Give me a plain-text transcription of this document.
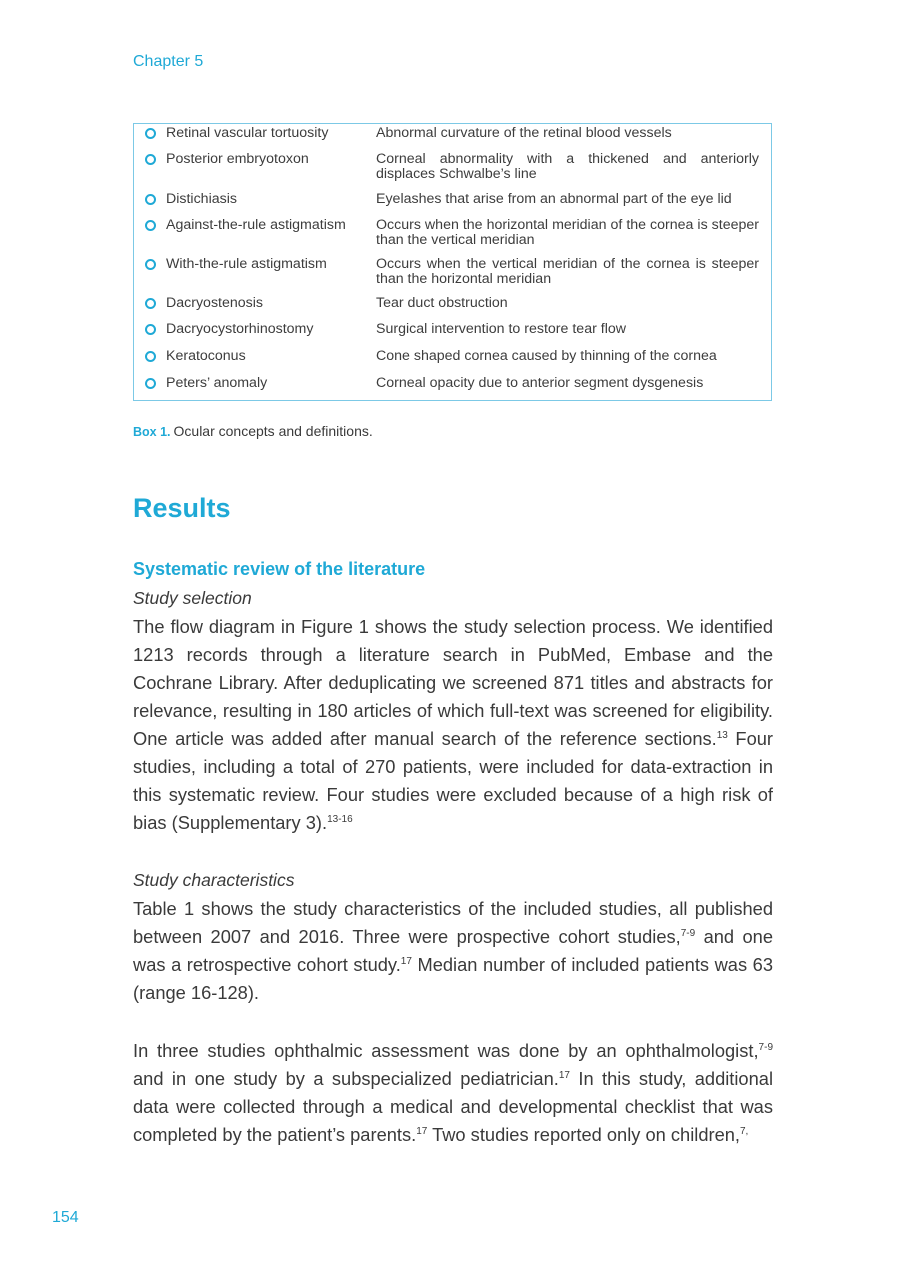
Chapter 5
Retinal vascular tortuosity	Abnormal curvature of the retinal blood vessels
Posterior embryotoxon	Corneal abnormality with a thickened and anteriorly displaces Schwalbe’s line
Distichiasis	Eyelashes that arise from an abnormal part of the eye lid
Against-the-rule astigmatism	Occurs when the horizontal meridian of the cornea is steeper than the vertical meridian
With-the-rule astigmatism	Occurs when the vertical meridian of the cornea is steeper than the horizontal meridian
Dacryostenosis	Tear duct obstruction
Dacryocystorhinostomy	Surgical intervention to restore tear flow
Keratoconus	Cone shaped cornea caused by thinning of the cornea
Peters’ anomaly	Corneal opacity due to anterior segment dysgenesis
Box 1. Ocular concepts and definitions.
Results
Systematic review of the literature
Study selection
The flow diagram in Figure 1 shows the study selection process. We identified 1213 records through a literature search in PubMed, Embase and the Cochrane Library. After deduplicating we screened 871 titles and abstracts for relevance, resulting in 180 articles of which full-text was screened for eligibility. One article was added after manual search of the reference sections.$^{13}$ Four studies, including a total of 270 patients, were included for data-extraction in this systematic review. Four studies were excluded because of a high risk of bias (Supplementary 3).$^{13-16}$
Study characteristics
Table 1 shows the study characteristics of the included studies, all published between 2007 and 2016. Three were prospective cohort studies,$^{7-9}$ and one was a retrospective cohort study.$^{17}$ Median number of included patients was 63 (range 16-128).
In three studies ophthalmic assessment was done by an ophthalmologist,$^{7-9}$ and in one study by a subspecialized pediatrician.$^{17}$ In this study, additional data were collected through a medical and developmental checklist that was completed by the patient’s parents.$^{17}$ Two studies reported only on children,$^{7,}$
154
